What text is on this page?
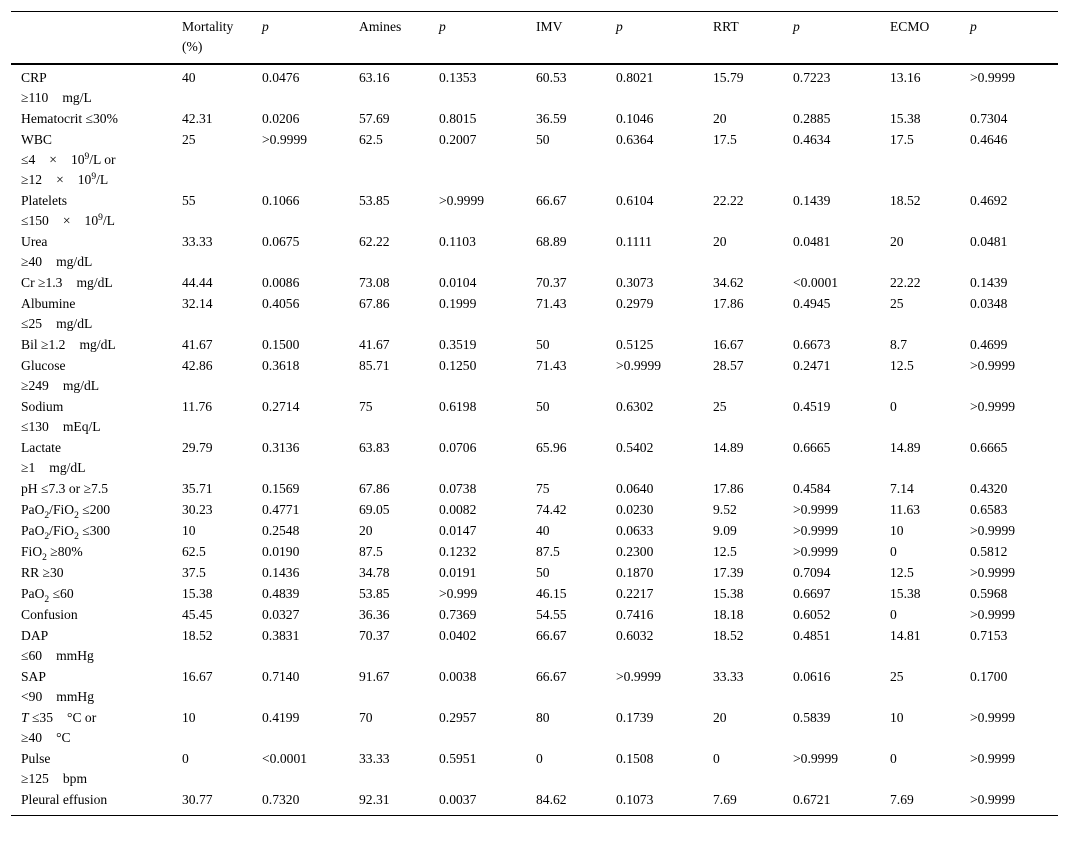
	Mortality
(%)	p	Amines	p	IMV	p	RRT	p	ECMO	p
CRP
≥110 mg/L	40	0.0476	63.16	0.1353	60.53	0.8021	15.79	0.7223	13.16	>0.9999
Hematocrit ≤30%	42.31	0.0206	57.69	0.8015	36.59	0.1046	20	0.2885	15.38	0.7304
WBC
$\le 4 \times 10^9/L$ or
$\ge 12 \times 10^9/L$	25	>0.9999	62.5	0.2007	50	0.6364	17.5	0.4634	17.5	0.4646
Platelets
$\le 150 \times 10^9/L$	55	0.1066	53.85	>0.9999	66.67	0.6104	22.22	0.1439	18.52	0.4692
Urea
≥40 mg/dL	33.33	0.0675	62.22	0.1103	68.89	0.1111	20	0.0481	20	0.0481
Cr ≥1.3 mg/dL	44.44	0.0086	73.08	0.0104	70.37	0.3073	34.62	<0.0001	22.22	0.1439
Albumine
≤25 mg/dL	32.14	0.4056	67.86	0.1999	71.43	0.2979	17.86	0.4945	25	0.0348
Bil ≥1.2 mg/dL	41.67	0.1500	41.67	0.3519	50	0.5125	16.67	0.6673	8.7	0.4699
Glucose
≥249 mg/dL	42.86	0.3618	85.71	0.1250	71.43	>0.9999	28.57	0.2471	12.5	>0.9999
Sodium
≤130 mEq/L	11.76	0.2714	75	0.6198	50	0.6302	25	0.4519	0	>0.9999
Lactate
≥1 mg/dL	29.79	0.3136	63.83	0.0706	65.96	0.5402	14.89	0.6665	14.89	0.6665
pH ≤7.3 or ≥7.5	35.71	0.1569	67.86	0.0738	75	0.0640	17.86	0.4584	7.14	0.4320
PaO$_2$/FiO$_2$ ≤200	30.23	0.4771	69.05	0.0082	74.42	0.0230	9.52	>0.9999	11.63	0.6583
PaO$_2$/FiO$_2$ ≤300	10	0.2548	20	0.0147	40	0.0633	9.09	>0.9999	10	>0.9999
FiO$_2$ ≥80%	62.5	0.0190	87.5	0.1232	87.5	0.2300	12.5	>0.9999	0	0.5812
RR ≥30	37.5	0.1436	34.78	0.0191	50	0.1870	17.39	0.7094	12.5	>0.9999
PaO$_2$ ≤60	15.38	0.4839	53.85	>0.999	46.15	0.2217	15.38	0.6697	15.38	0.5968
Confusion	45.45	0.0327	36.36	0.7369	54.55	0.7416	18.18	0.6052	0	>0.9999
DAP
≤60 mmHg	18.52	0.3831	70.37	0.0402	66.67	0.6032	18.52	0.4851	14.81	0.7153
SAP
<90 mmHg	16.67	0.7140	91.67	0.0038	66.67	>0.9999	33.33	0.0616	25	0.1700
T ≤35 °C or
≥40 °C	10	0.4199	70	0.2957	80	0.1739	20	0.5839	10	>0.9999
Pulse
≥125 bpm	0	<0.0001	33.33	0.5951	0	0.1508	0	>0.9999	0	>0.9999
Pleural effusion	30.77	0.7320	92.31	0.0037	84.62	0.1073	7.69	0.6721	7.69	>0.9999
